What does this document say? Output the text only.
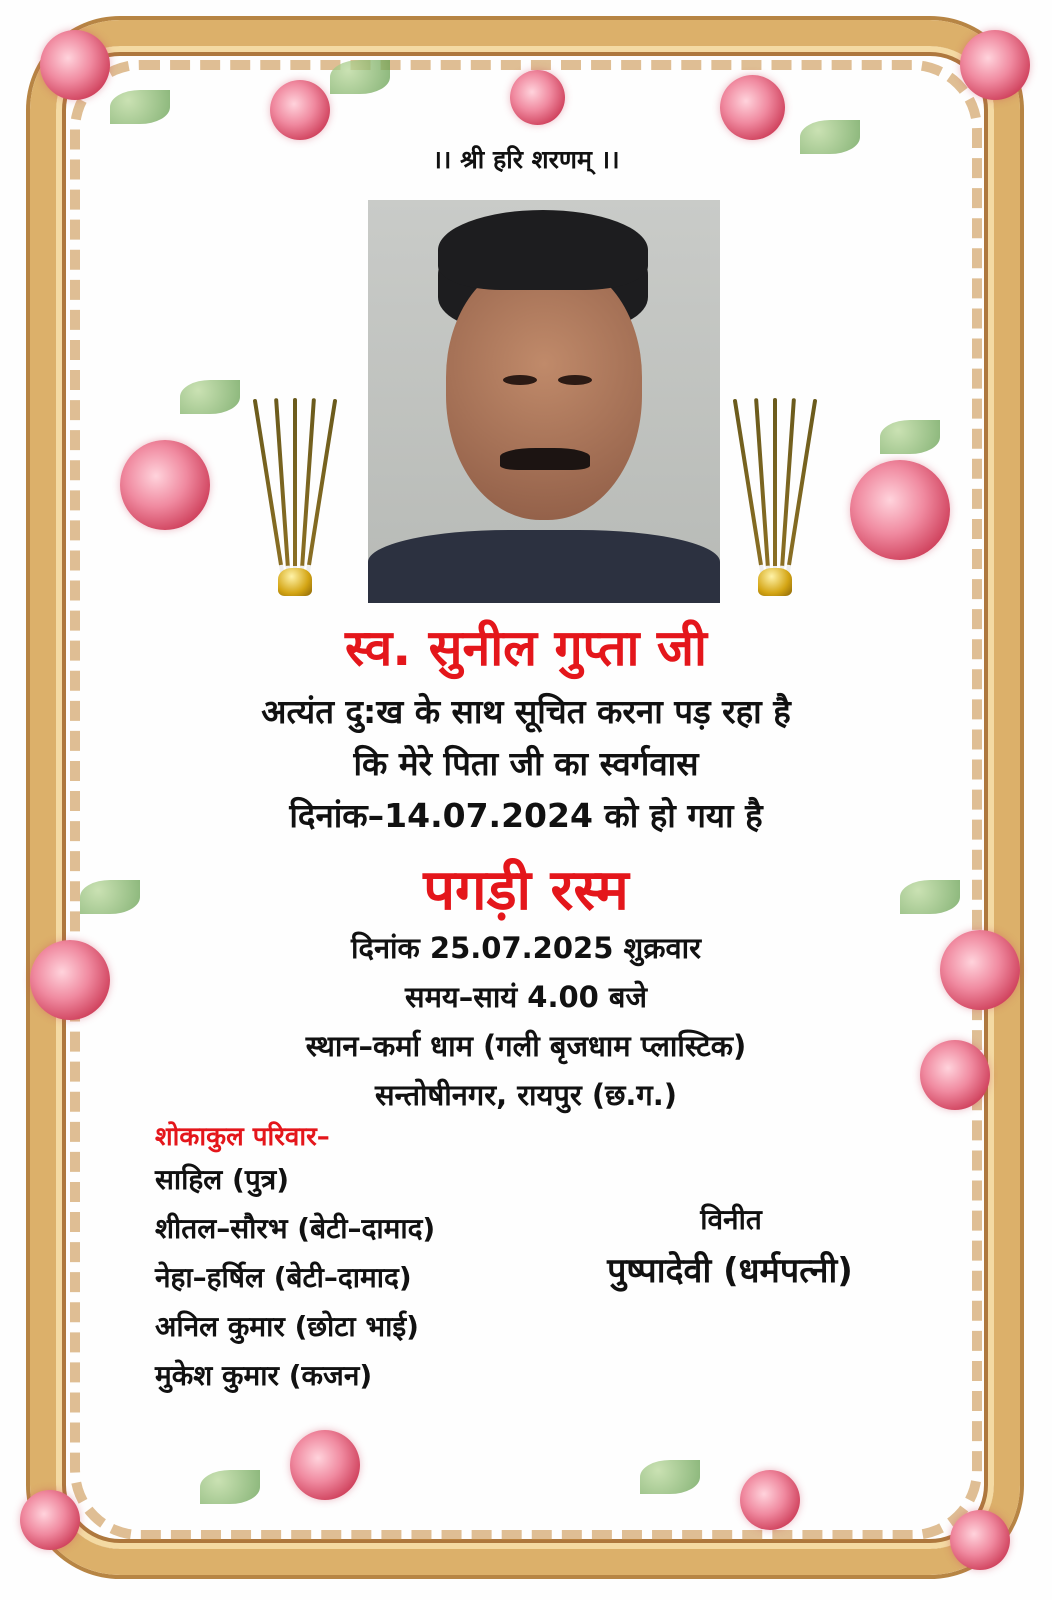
।। श्री हरि शरणम् ।।
स्व. सुनील गुप्ता जी
अत्यंत दु:ख के साथ सूचित करना पड़ रहा है
कि मेरे पिता जी का स्वर्गवास
दिनांक–14.07.2024 को हो गया है
पगड़ी रस्म
दिनांक 25.07.2025 शुक्रवार
समय–सायं 4.00 बजे
स्थान–कर्मा धाम (गली बृजधाम प्लास्टिक)
सन्तोषीनगर, रायपुर (छ.ग.)
शोकाकुल परिवार–
साहिल (पुत्र)
शीतल–सौरभ (बेटी–दामाद)
नेहा–हर्षिल (बेटी–दामाद)
अनिल कुमार (छोटा भाई)
मुकेश कुमार (कजन)
विनीत
पुष्पादेवी (धर्मपत्नी)
